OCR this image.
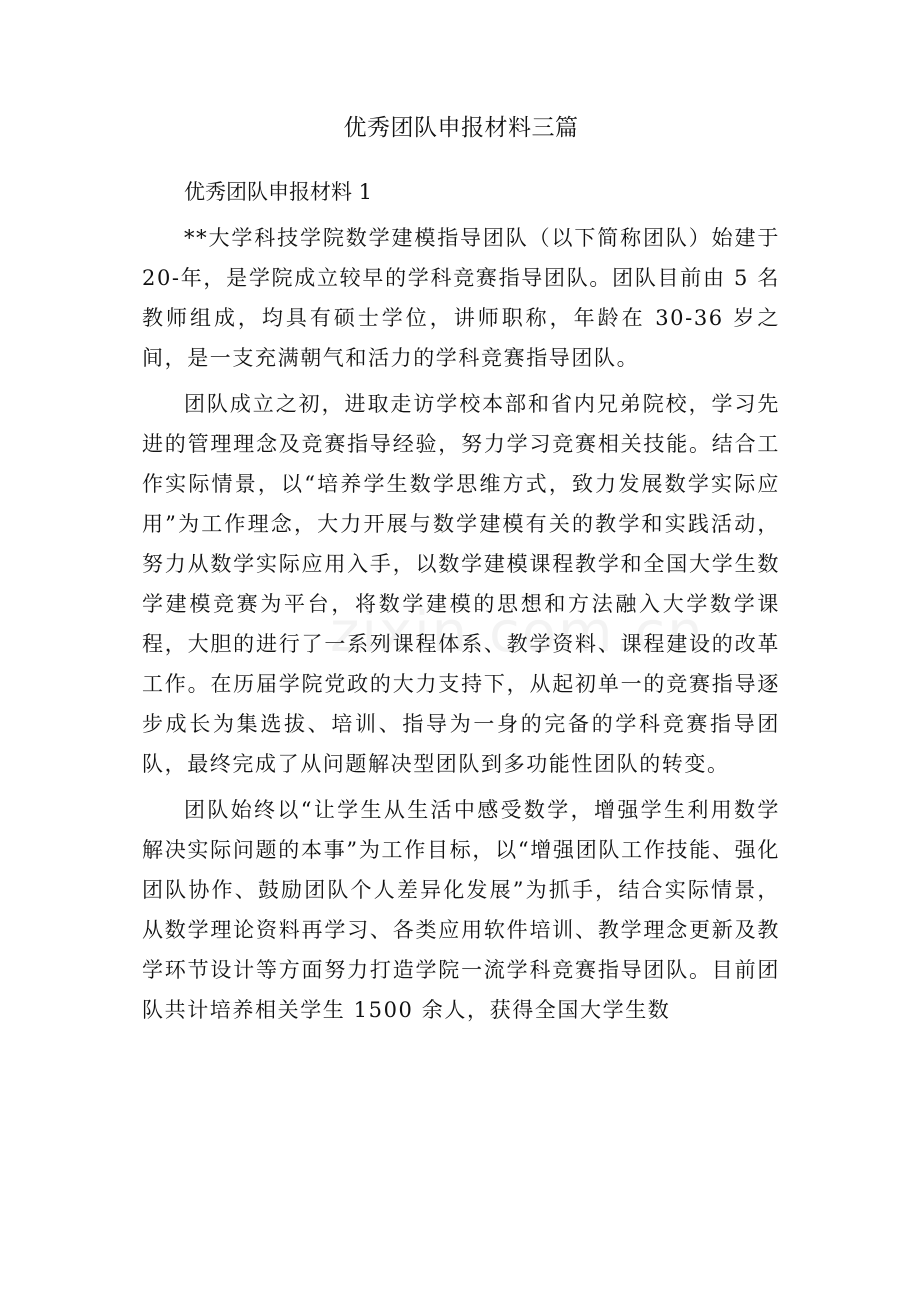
优秀团队申报材料三篇
优秀团队申报材料 1

**大学科技学院数学建模指导团队（以下简称团队）始建于 20-年，是学院成立较早的学科竞赛指导团队。团队目前由 5 名教师组成，均具有硕士学位，讲师职称，年龄在 30-36 岁之间，是一支充满朝气和活力的学科竞赛指导团队。

团队成立之初，进取走访学校本部和省内兄弟院校，学习先进的管理理念及竞赛指导经验，努力学习竞赛相关技能。结合工作实际情景，以“培养学生数学思维方式，致力发展数学实际应用”为工作理念，大力开展与数学建模有关的教学和实践活动，努力从数学实际应用入手，以数学建模课程教学和全国大学生数学建模竞赛为平台，将数学建模的思想和方法融入大学数学课程，大胆的进行了一系列课程体系、教学资料、课程建设的改革工作。在历届学院党政的大力支持下，从起初单一的竞赛指导逐步成长为集选拔、培训、指导为一身的完备的学科竞赛指导团队，最终完成了从问题解决型团队到多功能性团队的转变。

团队始终以“让学生从生活中感受数学，增强学生利用数学解决实际问题的本事”为工作目标，以“增强团队工作技能、强化团队协作、鼓励团队个人差异化发展”为抓手，结合实际情景，从数学理论资料再学习、各类应用软件培训、教学理念更新及教学环节设计等方面努力打造学院一流学科竞赛指导团队。目前团队共计培养相关学生 1500 余人，获得全国大学生数
